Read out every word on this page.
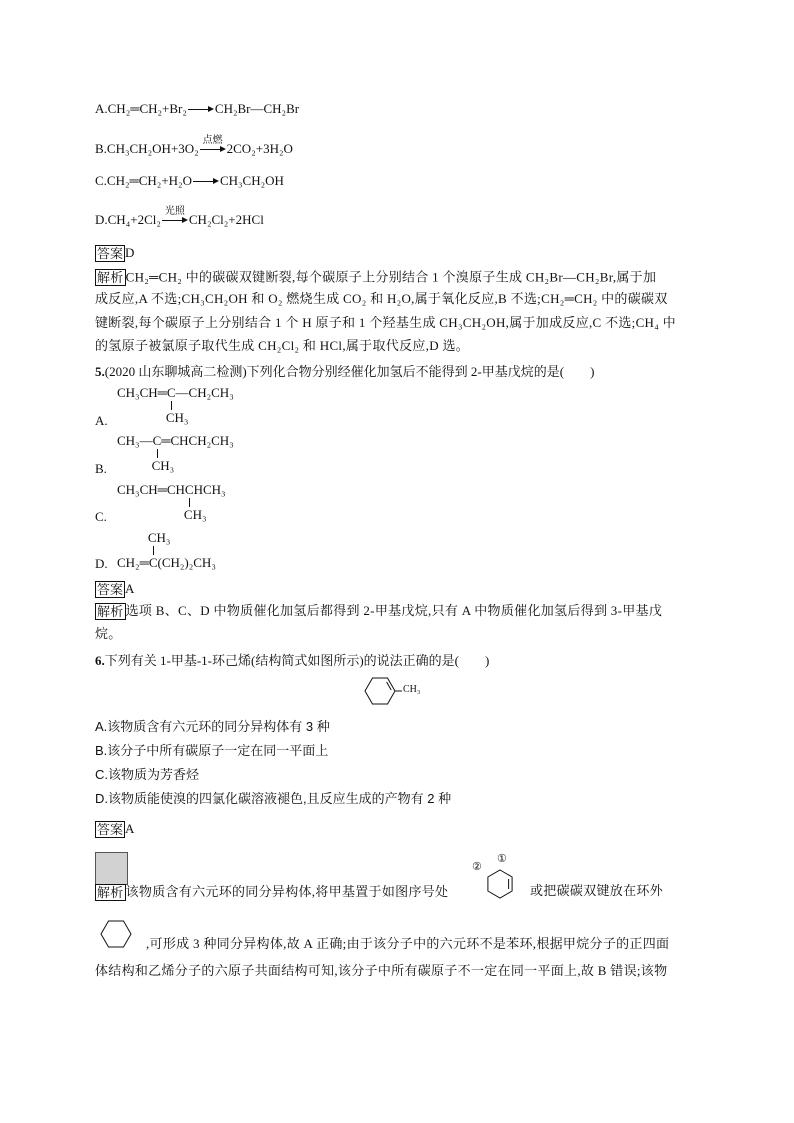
A.CH₂═CH₂+Br₂ CH₂Br—CH₂Br
B.CH₃CH₂OH+3O₂
点燃
2CO₂+3H₂O
C.CH₂═CH₂+H₂O CH₃CH₂OH
D.CH₄+2Cl₂
光照
CH₂Cl₂+2HCl
答案 D
解析 CH₂═CH₂ 中的碳碳双键断裂,每个碳原子上分别结合 1 个溴原子生成 CH₂Br—CH₂Br,属于加
成反应,A 不选;CH₃CH₂OH 和 O₂ 燃烧生成 CO₂ 和 H₂O,属于氧化反应,B 不选;CH₂═CH₂ 中的碳碳双
键断裂,每个碳原子上分别结合 1 个 H 原子和 1 个羟基生成 CH₃CH₂OH,属于加成反应,C 不选;CH₄ 中
的氢原子被氯原子取代生成 CH₂Cl₂ 和 HCl,属于取代反应,D 选。
5.(2020 山东聊城高二检测)下列化合物分别经催化加氢后不能得到 2-甲基戊烷的是(　　)
CH₃CH═C
CH₃
—CH₂CH₃
A.
CH₃—C
CH₃
═CHCH₂CH₃
B.
CH₃CH═CHCH
CH₃
CH₃
C.
CH₂═C
CH₃
(CH₂)₂CH₃
D.
答案 A
解析 选项 B、C、D 中物质催化加氢后都得到 2-甲基戊烷,只有 A 中物质催化加氢后得到 3-甲基戊
烷。
6.下列有关 1-甲基-1-环己烯(结构简式如图所示)的说法正确的是(　　)
CH₃
A.该物质含有六元环的同分异构体有 3 种
B.该分子中所有碳原子一定在同一平面上
C.该物质为芳香烃
D.该物质能使溴的四氯化碳溶液褪色,且反应生成的产物有 2 种
答案 A
解析 该物质含有六元环的同分异构体,将甲基置于如图序号处
②
①
或把碳碳双键放在环外
,可形成 3 种同分异构体,故 A 正确;由于该分子中的六元环不是苯环,根据甲烷分子的正四面
体结构和乙烯分子的六原子共面结构可知,该分子中所有碳原子不一定在同一平面上,故 B 错误;该物
